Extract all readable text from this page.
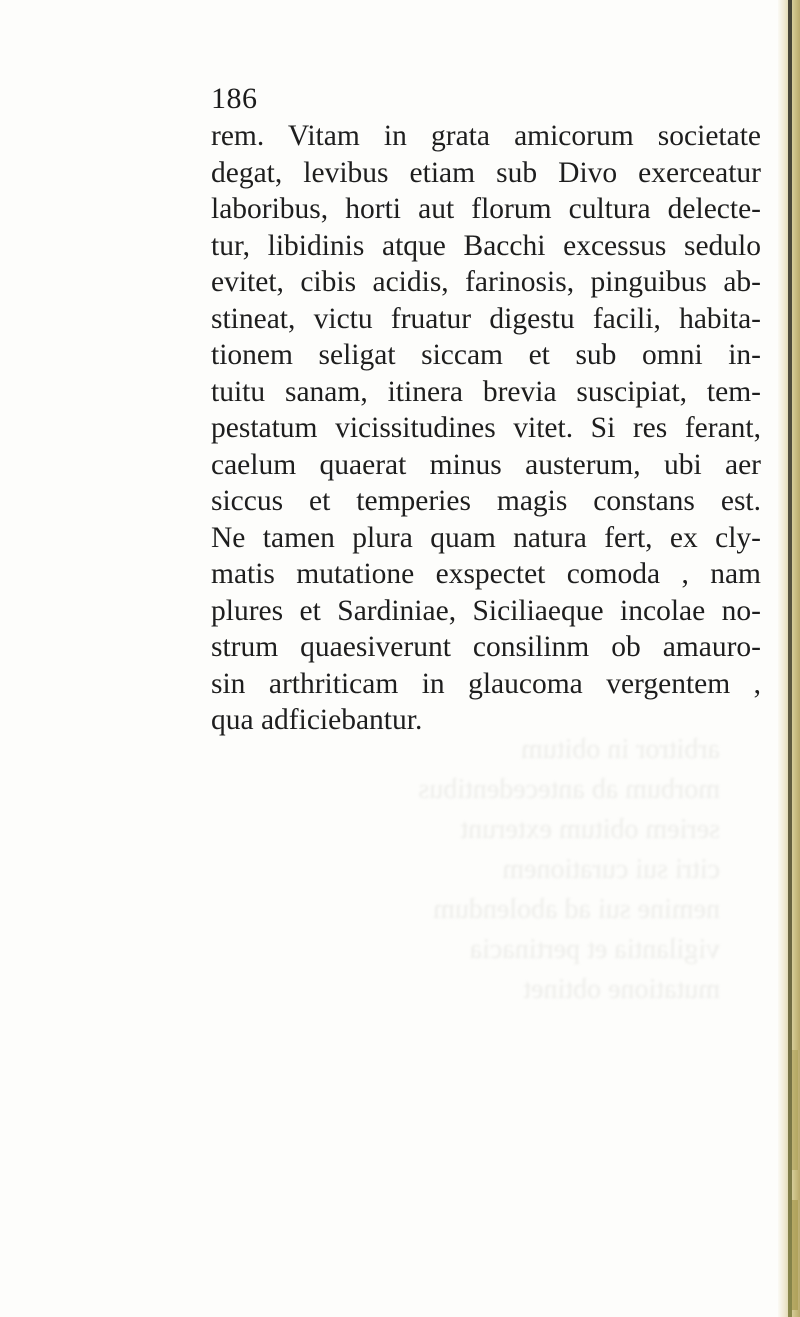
arbitror in obitum
morbum ab antecedentibus
seriem obitum exterunt
citri sui curationem
nemine sui ad abolendum
vigilantia et pertinacia
mutatione obtinet
186
rem. Vitam in grata amicorum societate
degat, levibus etiam sub Divo exerceatur
laboribus, horti aut florum cultura delecte-
tur, libidinis atque Bacchi excessus sedulo
evitet, cibis acidis, farinosis, pinguibus ab-
stineat, victu fruatur digestu facili, habita-
tionem seligat siccam et sub omni in-
tuitu sanam, itinera brevia suscipiat, tem-
pestatum vicissitudines vitet. Si res ferant,
caelum quaerat minus austerum, ubi aer
siccus et temperies magis constans est.
Ne tamen plura quam natura fert, ex cly-
matis mutatione exspectet comoda , nam
plures et Sardiniae, Siciliaeque incolae no-
strum quaesiverunt consilinm ob amauro-
sin arthriticam in glaucoma vergentem ,
qua adficiebantur.
